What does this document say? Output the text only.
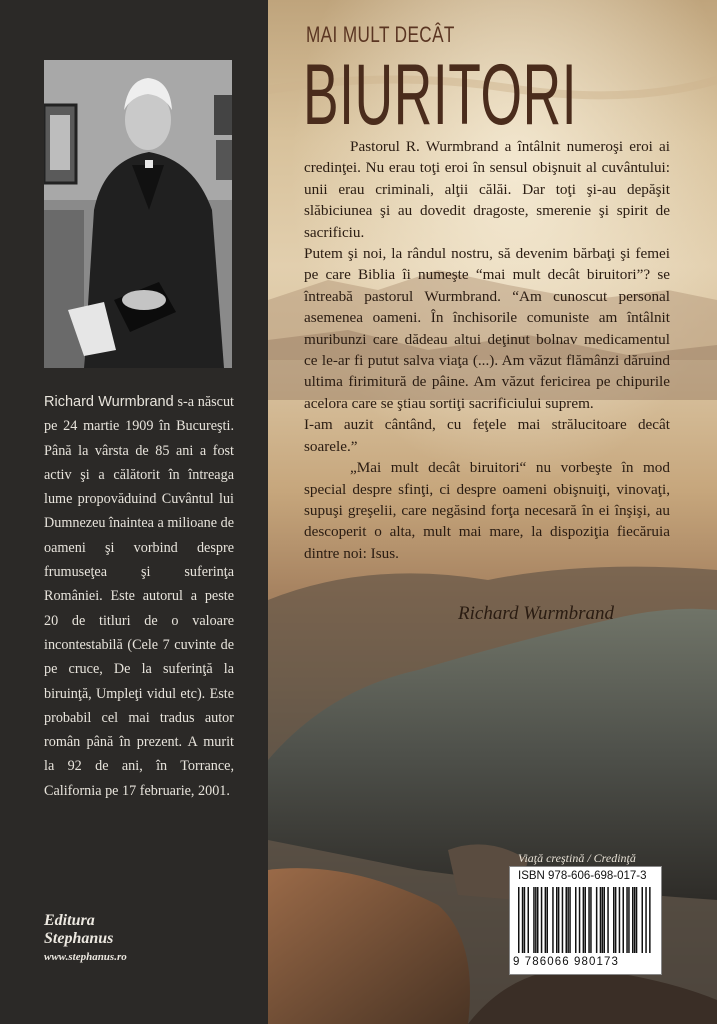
Richard Wurmbrand s-a născut pe 24 martie 1909 în Bucureşti. Până la vârsta de 85 ani a fost activ şi a călătorit în întreaga lume propovăduind Cuvântul lui Dumnezeu înaintea a milioane de oameni şi vorbind despre frumuseţea şi suferinţa României. Este autorul a peste 20 de titluri de o valoare incontestabilă (Cele 7 cuvinte de pe cruce, De la suferinţă la biruinţă, Umpleţi vidul etc). Este probabil cel mai tradus autor român până în prezent. A murit la 92 de ani, în Torrance, California pe 17 februarie, 2001.
Editura
Stephanus
www.stephanus.ro
MAI MULT DECÂT
BIURITORI

Pastorul R. Wurmbrand a întâlnit numeroşi eroi ai credinţei. Nu erau toţi eroi în sensul obişnuit al cuvântului: unii erau criminali, alţii călăi. Dar toţi şi-au depăşit slăbiciunea şi au dovedit dragoste, smerenie şi spirit de sacrificiu.

Putem şi noi, la rândul nostru, să devenim bărbaţi şi femei pe care Biblia îi numeşte “mai mult decât biruitori”? se întreabă pastorul Wurmbrand. “Am cunoscut personal asemenea oameni. În închisorile comuniste am întâlnit muribunzi care dădeau altui deţinut bolnav medicamentul ce le-ar fi putut salva viaţa (...). Am văzut flămânzi dăruind ultima firimitură de pâine. Am văzut fericirea pe chipurile acelora care se ştiau sortiţi sacrificiului suprem.

I-am auzit cântând, cu feţele mai strălucitoare decât soarele.”

„Mai mult decât biruitori“ nu vorbeşte în mod special despre sfinţi, ci despre oameni obişnuiţi, vinovaţi, supuşi greşelii, care negăsind forţa necesară în ei înşişi, au descoperit o alta, mult mai mare, la dispoziţia fiecăruia dintre noi: Isus.

Richard Wurmbrand
Viaţă creştină / Credinţă
ISBN 978-606-698-017-3
9 786066 980173
